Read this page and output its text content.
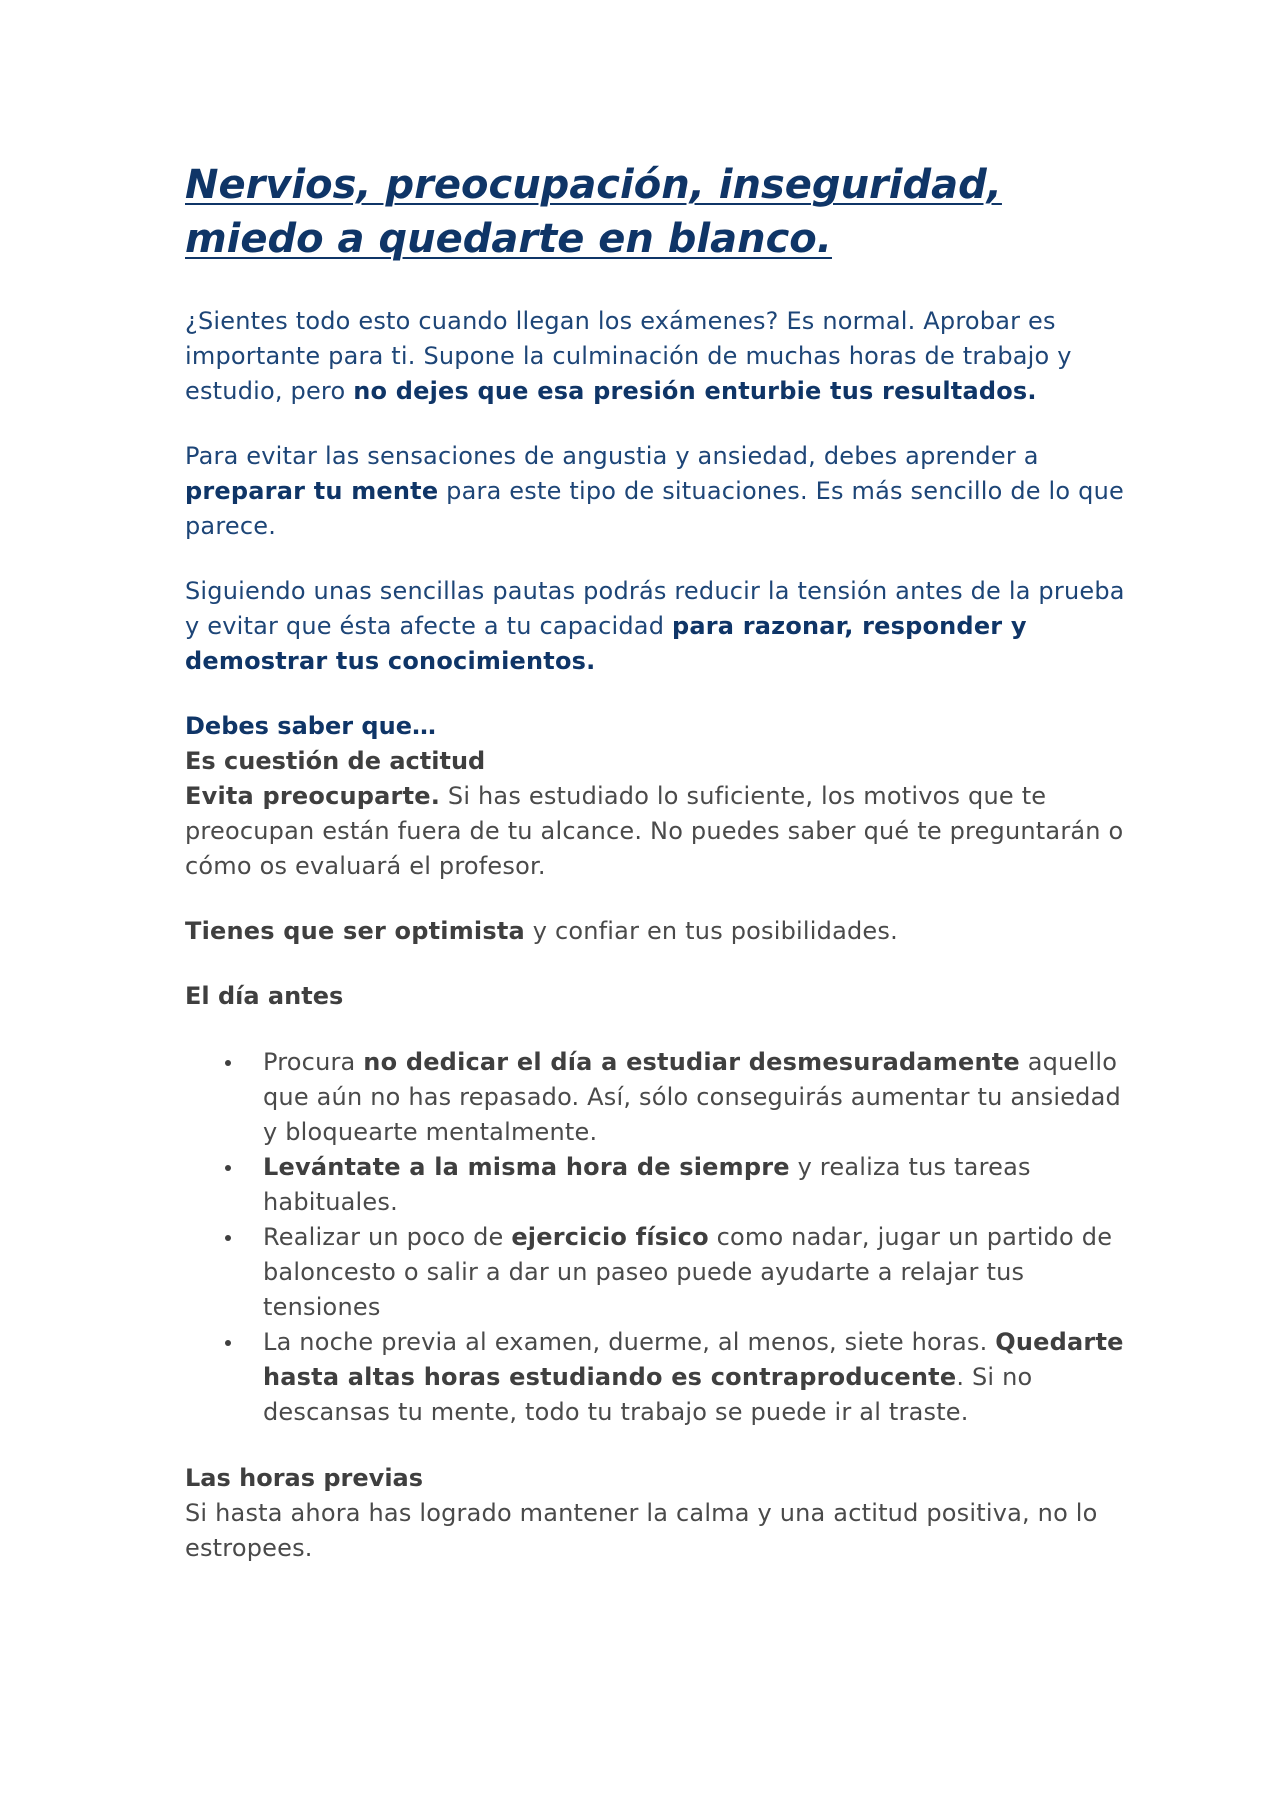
Nervios, preocupación, inseguridad,
miedo a quedarte en blanco.

¿Sientes todo esto cuando llegan los exámenes? Es normal. Aprobar es importante para ti. Supone la culminación de muchas horas de trabajo y estudio, pero no dejes que esa presión enturbie tus resultados.

Para evitar las sensaciones de angustia y ansiedad, debes aprender a preparar tu mente para este tipo de situaciones. Es más sencillo de lo que parece.

Siguiendo unas sencillas pautas podrás reducir la tensión antes de la prueba y evitar que ésta afecte a tu capacidad para razonar, responder y demostrar tus conocimientos.

Debes saber que…

Es cuestión de actitud

Evita preocuparte. Si has estudiado lo suficiente, los motivos que te preocupan están fuera de tu alcance. No puedes saber qué te preguntarán o cómo os evaluará el profesor.

Tienes que ser optimista y confiar en tus posibilidades.

El día antes

Procura no dedicar el día a estudiar desmesuradamente aquello que aún no has repasado. Así, sólo conseguirás aumentar tu ansiedad y bloquearte mentalmente.
Levántate a la misma hora de siempre y realiza tus tareas habituales.
Realizar un poco de ejercicio físico como nadar, jugar un partido de baloncesto o salir a dar un paseo puede ayudarte a relajar tus tensiones
La noche previa al examen, duerme, al menos, siete horas. Quedarte hasta altas horas estudiando es contraproducente. Si no descansas tu mente, todo tu trabajo se puede ir al traste.

Las horas previas

Si hasta ahora has logrado mantener la calma y una actitud positiva, no lo estropees.
